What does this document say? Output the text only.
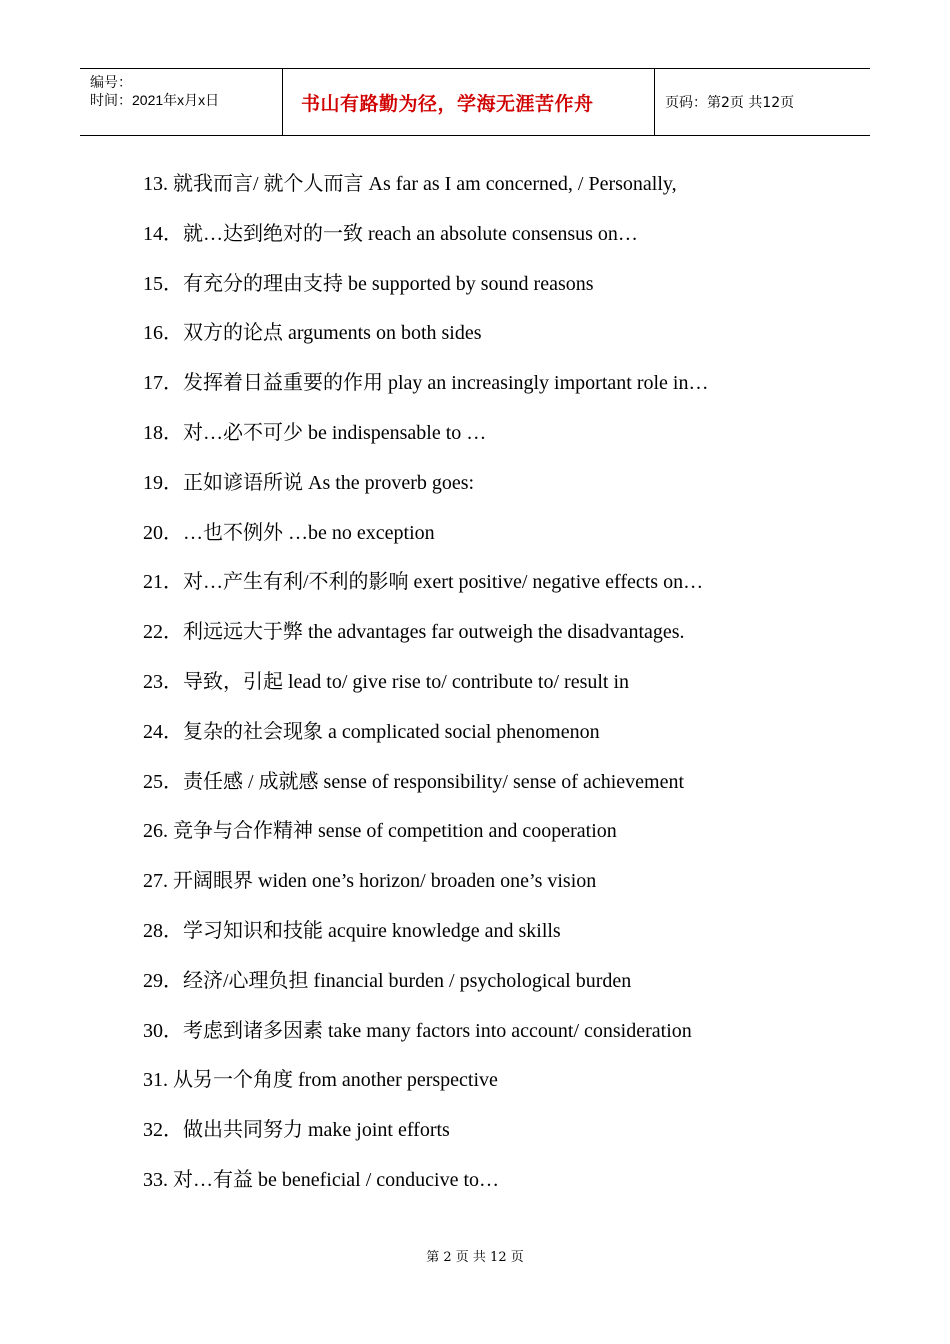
编号：
时间：2021年x月x日	书山有路勤为径，学海无涯苦作舟	页码：第2页 共12页
13. 就我而言/ 就个人而言 As far as I am concerned, / Personally,
14．就…达到绝对的一致 reach an absolute consensus on…
15．有充分的理由支持 be supported by sound reasons
16．双方的论点 arguments on both sides
17．发挥着日益重要的作用 play an increasingly important role in…
18．对…必不可少 be indispensable to …
19．正如谚语所说 As the proverb goes:
20．…也不例外 …be no exception
21．对…产生有利/不利的影响 exert positive/ negative effects on…
22．利远远大于弊 the advantages far outweigh the disadvantages.
23．导致，引起 lead to/ give rise to/ contribute to/ result in
24．复杂的社会现象 a complicated social phenomenon
25．责任感 / 成就感 sense of responsibility/ sense of achievement
26. 竞争与合作精神 sense of competition and cooperation
27. 开阔眼界 widen one’s horizon/ broaden one’s vision
28．学习知识和技能 acquire knowledge and skills
29．经济/心理负担 financial burden / psychological burden
30．考虑到诸多因素 take many factors into account/ consideration
31. 从另一个角度 from another perspective
32．做出共同努力 make joint efforts
33. 对…有益 be beneficial / conducive to…
第 2 页 共 12 页
